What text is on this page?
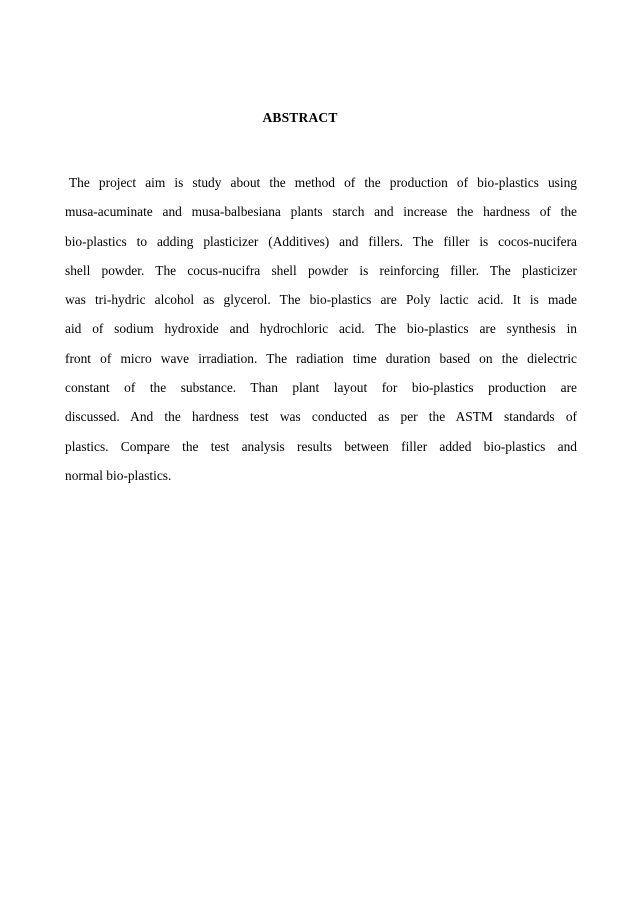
ABSTRACT
The project aim is study about the method of the production of bio-plastics using
musa-acuminate and musa-balbesiana plants starch and increase the hardness of the
bio-plastics to adding plasticizer (Additives) and fillers. The filler is cocos-nucifera
shell powder. The cocus-nucifra shell powder is reinforcing filler. The plasticizer
was tri-hydric alcohol as glycerol. The bio-plastics are Poly lactic acid. It is made
aid of sodium hydroxide and hydrochloric acid. The bio-plastics are synthesis in
front of micro wave irradiation. The radiation time duration based on the dielectric
constant of the substance. Than plant layout for bio-plastics production are
discussed. And the hardness test was conducted as per the ASTM standards of
plastics. Compare the test analysis results between filler added bio-plastics and
normal bio-plastics.
